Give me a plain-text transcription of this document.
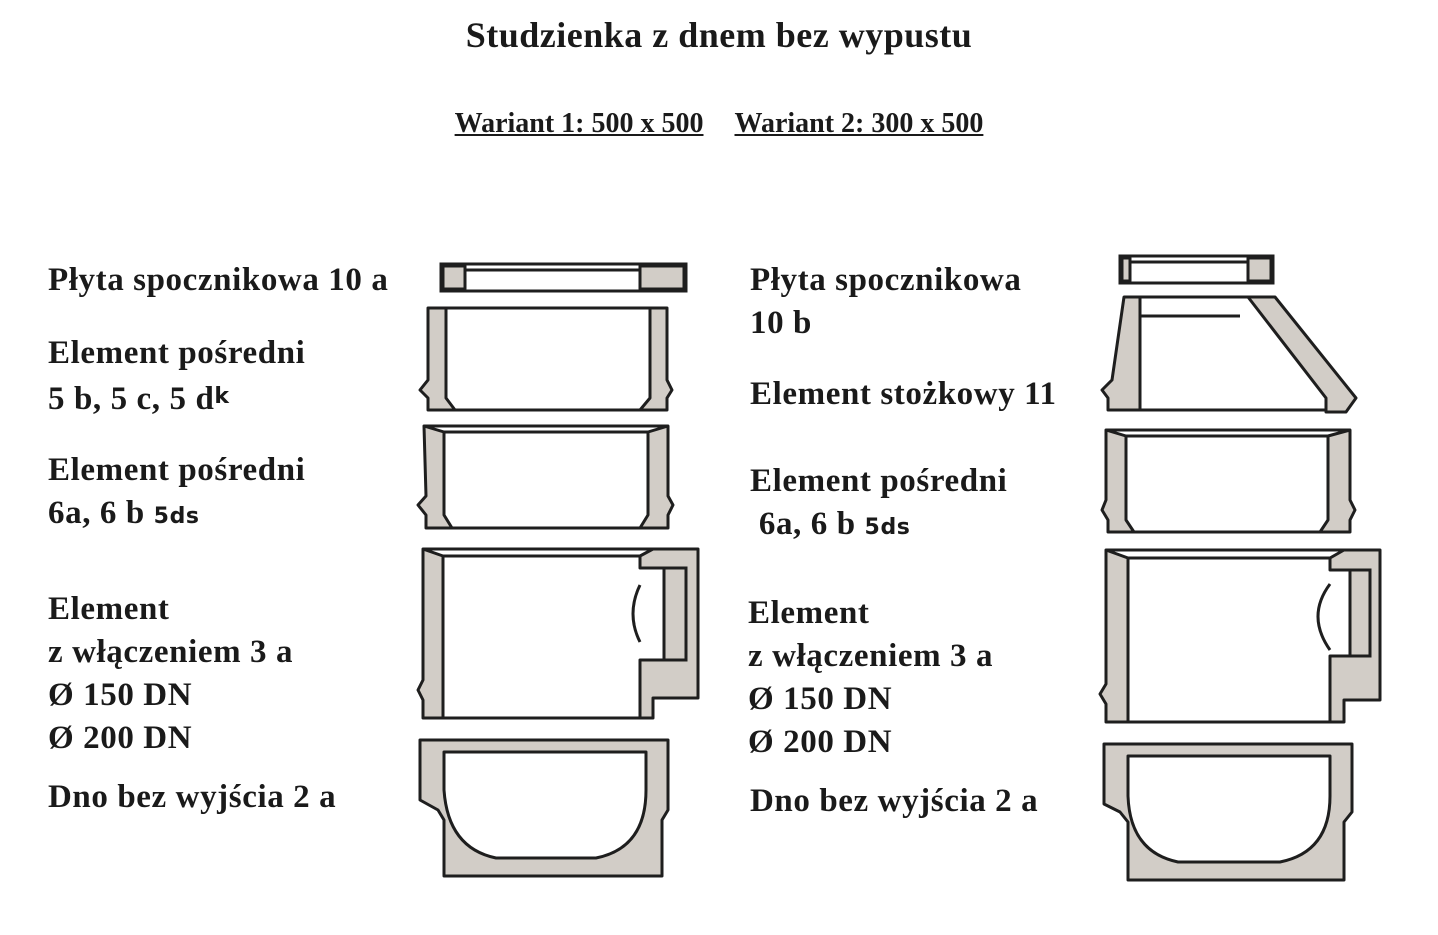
Studzienka z dnem bez wypustu
Wariant 1: 500 x 500 Wariant 2: 300 x 500
Płyta spocznikowa 10 a
Element pośredni
5 b, 5 c, 5 $d^k$
Element pośredni
6a, 6 b 5ds
Element
z włączeniem 3 a
Ø 150 DN
Ø 200 DN
Dno bez wyjścia 2 a
Płyta spocznikowa
10 b
Element stożkowy 11
Element pośredni
6a, 6 b 5ds
Element
z włączeniem 3 a
Ø 150 DN
Ø 200 DN
Dno bez wyjścia 2 a
